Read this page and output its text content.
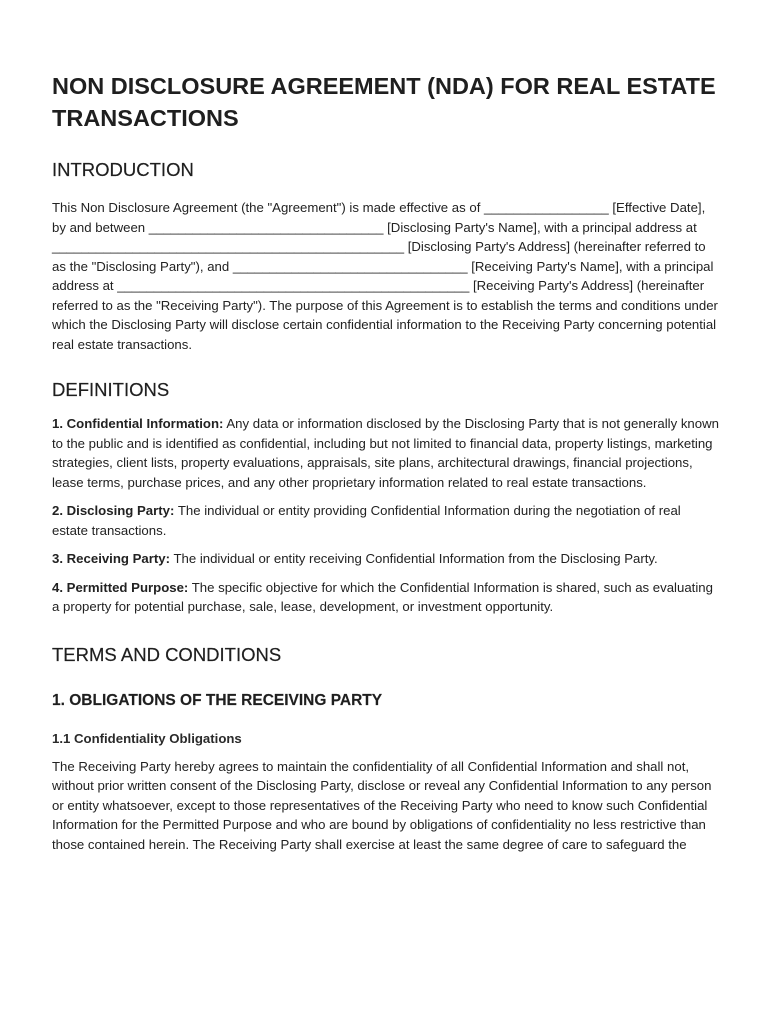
NON DISCLOSURE AGREEMENT (NDA) FOR REAL ESTATE TRANSACTIONS
INTRODUCTION

This Non Disclosure Agreement (the "Agreement") is made effective as of _________________ [Effective Date], by and between ________________________________ [Disclosing Party's Name], with a principal address at ________________________________________________ [Disclosing Party's Address] (hereinafter referred to as the "Disclosing Party"), and ________________________________ [Receiving Party's Name], with a principal address at ________________________________________________ [Receiving Party's Address] (hereinafter referred to as the "Receiving Party"). The purpose of this Agreement is to establish the terms and conditions under which the Disclosing Party will disclose certain confidential information to the Receiving Party concerning potential real estate transactions.

DEFINITIONS

1. Confidential Information: Any data or information disclosed by the Disclosing Party that is not generally known to the public and is identified as confidential, including but not limited to financial data, property listings, marketing strategies, client lists, property evaluations, appraisals, site plans, architectural drawings, financial projections, lease terms, purchase prices, and any other proprietary information related to real estate transactions.

2. Disclosing Party: The individual or entity providing Confidential Information during the negotiation of real estate transactions.

3. Receiving Party: The individual or entity receiving Confidential Information from the Disclosing Party.

4. Permitted Purpose: The specific objective for which the Confidential Information is shared, such as evaluating a property for potential purchase, sale, lease, development, or investment opportunity.

TERMS AND CONDITIONS
1. OBLIGATIONS OF THE RECEIVING PARTY
1.1 Confidentiality Obligations

The Receiving Party hereby agrees to maintain the confidentiality of all Confidential Information and shall not, without prior written consent of the Disclosing Party, disclose or reveal any Confidential Information to any person or entity whatsoever, except to those representatives of the Receiving Party who need to know such Confidential Information for the Permitted Purpose and who are bound by obligations of confidentiality no less restrictive than those contained herein. The Receiving Party shall exercise at least the same degree of care to safeguard the
